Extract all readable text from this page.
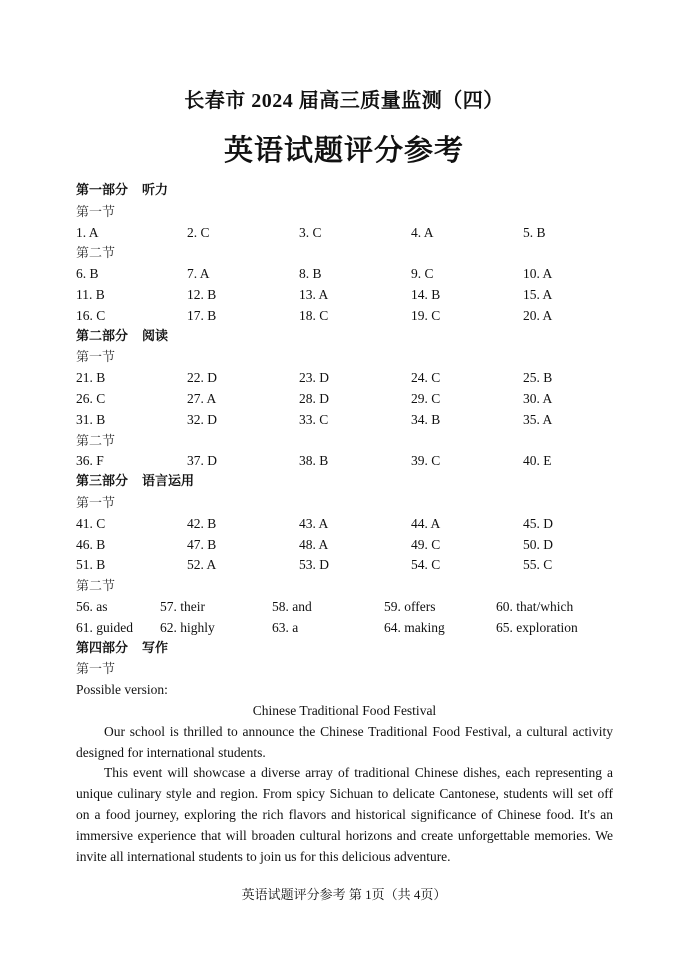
长春市 2024 届高三质量监测（四）
英语试题评分参考
第一部分 听力
第一节
1. A	2. C	3. C	4. A	5. B
第二节
6. B	7. A	8. B	9. C	10. A
11. B	12. B	13. A	14. B	15. A
16. C	17. B	18. C	19. C	20. A
第二部分 阅读
第一节
21. B	22. D	23. D	24. C	25. B
26. C	27. A	28. D	29. C	30. A
31. B	32. D	33. C	34. B	35. A
第二节
36. F	37. D	38. B	39. C	40. E
第三部分 语言运用
第一节
41. C	42. B	43. A	44. A	45. D
46. B	47. B	48. A	49. C	50. D
51. B	52. A	53. D	54. C	55. C
第二节
56. as	57. their	58. and	59. offers	60. that/which
61. guided 62. highly	63. a	64. making	65. exploration
第四部分 写作
第一节
Possible version:
Chinese Traditional Food Festival

Our school is thrilled to announce the Chinese Traditional Food Festival, a cultural activity designed for international students.

This event will showcase a diverse array of traditional Chinese dishes, each representing a unique culinary style and region. From spicy Sichuan to delicate Cantonese, students will set off on a food journey, exploring the rich flavors and historical significance of Chinese food. It's an immersive experience that will broaden cultural horizons and create unforgettable memories. We invite all international students to join us for this delicious adventure.

英语试题评分参考 第 1页（共 4页）
